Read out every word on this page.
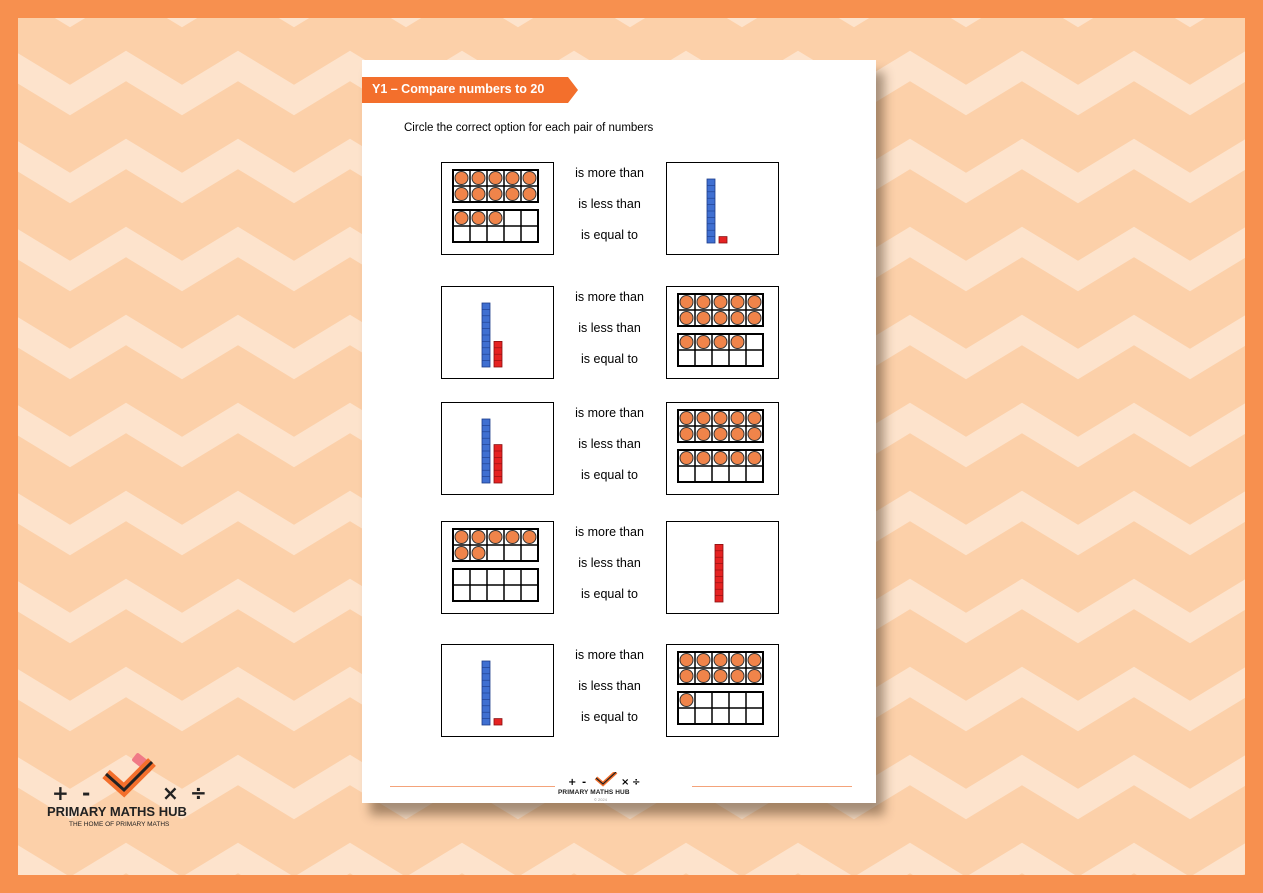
Y1 – Compare numbers to 20
Circle the correct option for each pair of numbers
is more than
is less than
is equal to
is more than
is less than
is equal to
is more than
is less than
is equal to
is more than
is less than
is equal to
is more than
is less than
is equal to
+ -	× ÷
PRIMARY MATHS HUB
© 2024
+ -	× ÷
PRIMARY MATHS HUB
THE HOME OF PRIMARY MATHS
